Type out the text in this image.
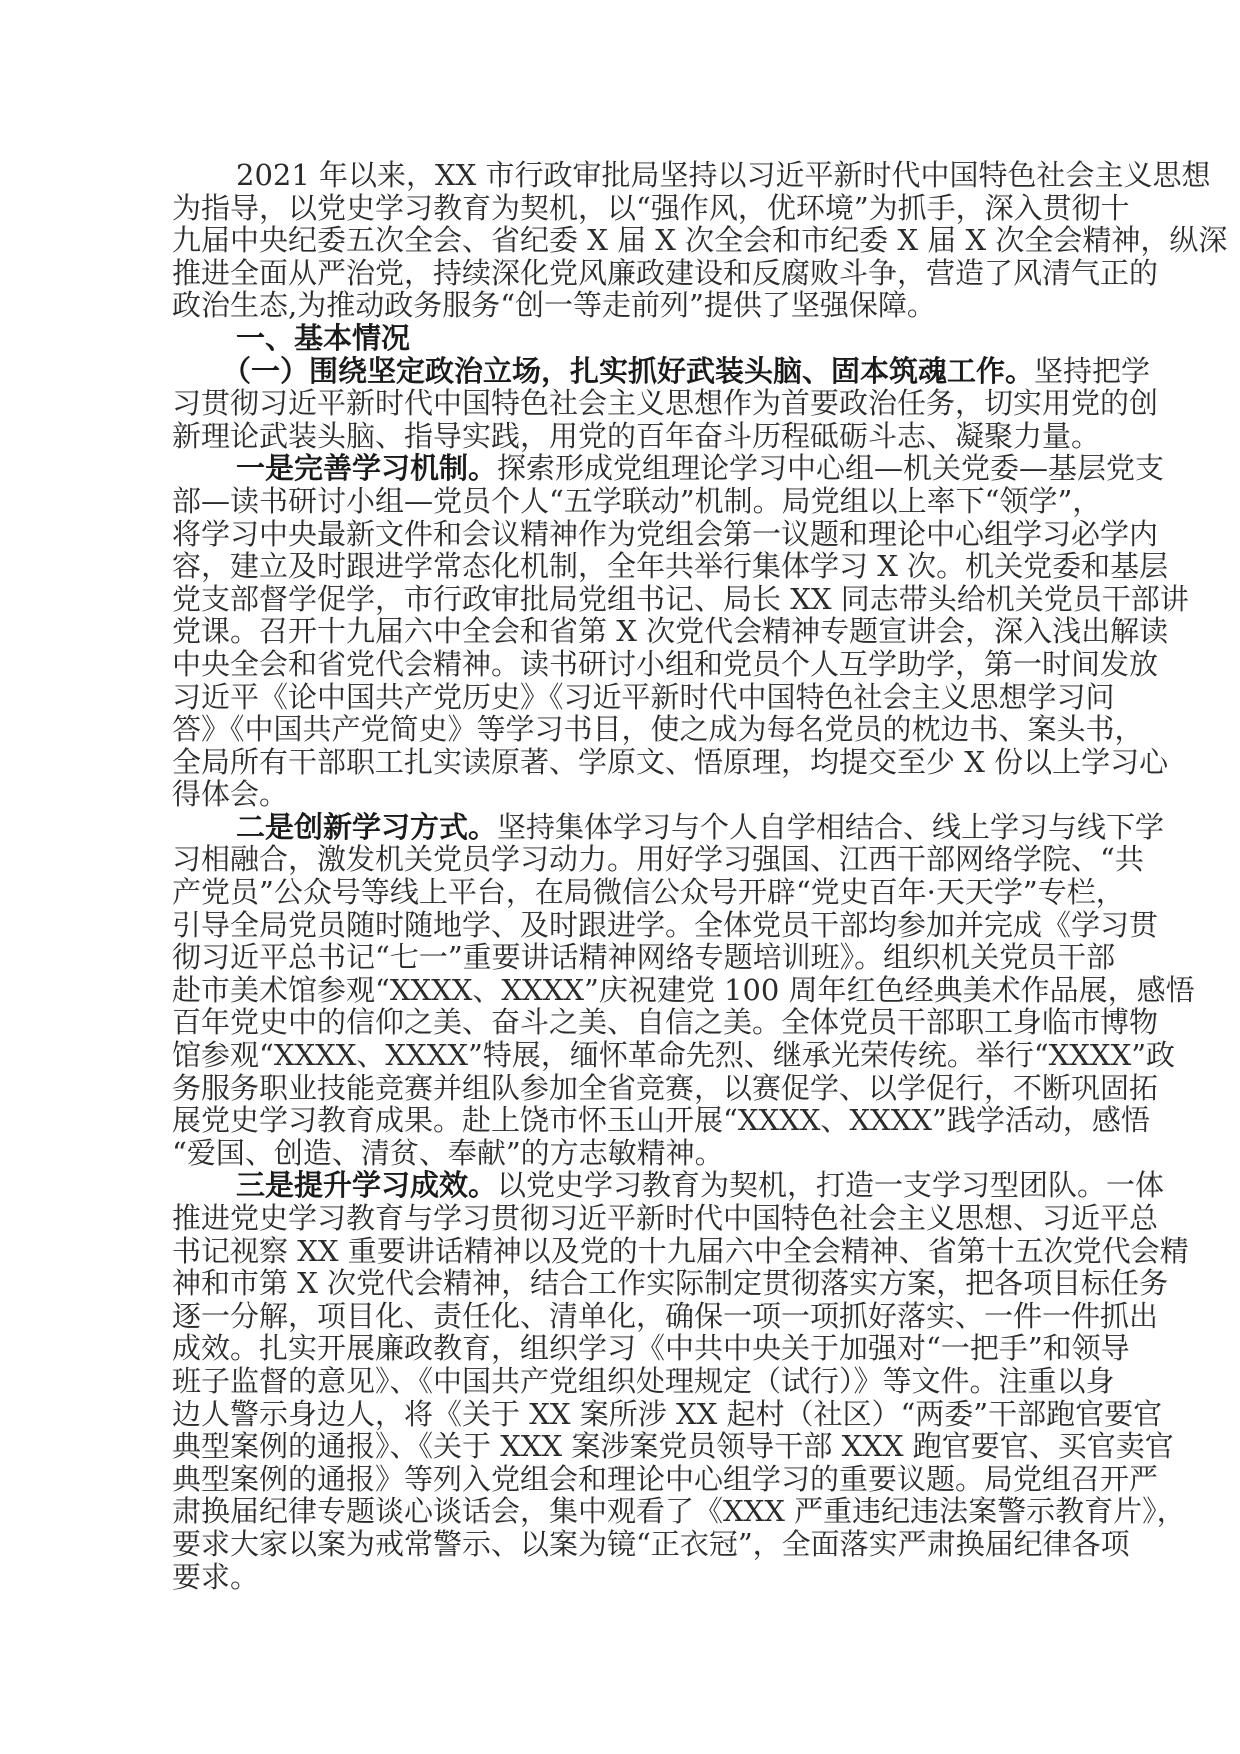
2021 年以来，XX 市行政审批局坚持以习近平新时代中国特色社会主义思想
为指导，以党史学习教育为契机，以“强作风，优环境”为抓手，深入贯彻十
九届中央纪委五次全会、省纪委 X 届 X 次全会和市纪委 X 届 X 次全会精神，纵深
推进全面从严治党，持续深化党风廉政建设和反腐败斗争，营造了风清气正的
政治生态,为推动政务服务“创一等走前列”提供了坚强保障。
一、基本情况
（一）围绕坚定政治立场，扎实抓好武装头脑、固本筑魂工作。坚持把学
习贯彻习近平新时代中国特色社会主义思想作为首要政治任务，切实用党的创
新理论武装头脑、指导实践，用党的百年奋斗历程砥砺斗志、凝聚力量。
一是完善学习机制。探索形成党组理论学习中心组—机关党委—基层党支
部—读书研讨小组—党员个人“五学联动”机制。局党组以上率下“领学”，
将学习中央最新文件和会议精神作为党组会第一议题和理论中心组学习必学内
容，建立及时跟进学常态化机制，全年共举行集体学习 X 次。机关党委和基层
党支部督学促学，市行政审批局党组书记、局长 XX 同志带头给机关党员干部讲
党课。召开十九届六中全会和省第 X 次党代会精神专题宣讲会，深入浅出解读
中央全会和省党代会精神。读书研讨小组和党员个人互学助学，第一时间发放
习近平《论中国共产党历史》《习近平新时代中国特色社会主义思想学习问
答》《中国共产党简史》等学习书目，使之成为每名党员的枕边书、案头书，
全局所有干部职工扎实读原著、学原文、悟原理，均提交至少 X 份以上学习心
得体会。
二是创新学习方式。坚持集体学习与个人自学相结合、线上学习与线下学
习相融合，激发机关党员学习动力。用好学习强国、江西干部网络学院、“共
产党员”公众号等线上平台，在局微信公众号开辟“党史百年·天天学”专栏，
引导全局党员随时随地学、及时跟进学。全体党员干部均参加并完成《学习贯
彻习近平总书记“七一”重要讲话精神网络专题培训班》。组织机关党员干部
赴市美术馆参观“XXXX、XXXX”庆祝建党 100 周年红色经典美术作品展，感悟
百年党史中的信仰之美、奋斗之美、自信之美。全体党员干部职工身临市博物
馆参观“XXXX、XXXX”特展，缅怀革命先烈、继承光荣传统。举行“XXXX”政
务服务职业技能竞赛并组队参加全省竞赛，以赛促学、以学促行，不断巩固拓
展党史学习教育成果。赴上饶市怀玉山开展“XXXX、XXXX”践学活动，感悟
“爱国、创造、清贫、奉献”的方志敏精神。
三是提升学习成效。以党史学习教育为契机，打造一支学习型团队。一体
推进党史学习教育与学习贯彻习近平新时代中国特色社会主义思想、习近平总
书记视察 XX 重要讲话精神以及党的十九届六中全会精神、省第十五次党代会精
神和市第 X 次党代会精神，结合工作实际制定贯彻落实方案，把各项目标任务
逐一分解，项目化、责任化、清单化，确保一项一项抓好落实、一件一件抓出
成效。扎实开展廉政教育，组织学习《中共中央关于加强对“一把手”和领导
班子监督的意见》、《中国共产党组织处理规定（试行）》等文件。注重以身
边人警示身边人，将《关于 XX 案所涉 XX 起村（社区）“两委”干部跑官要官
典型案例的通报》、《关于 XXX 案涉案党员领导干部 XXX 跑官要官、买官卖官
典型案例的通报》等列入党组会和理论中心组学习的重要议题。局党组召开严
肃换届纪律专题谈心谈话会，集中观看了《XXX 严重违纪违法案警示教育片》，
要求大家以案为戒常警示、以案为镜“正衣冠”，全面落实严肃换届纪律各项
要求。
